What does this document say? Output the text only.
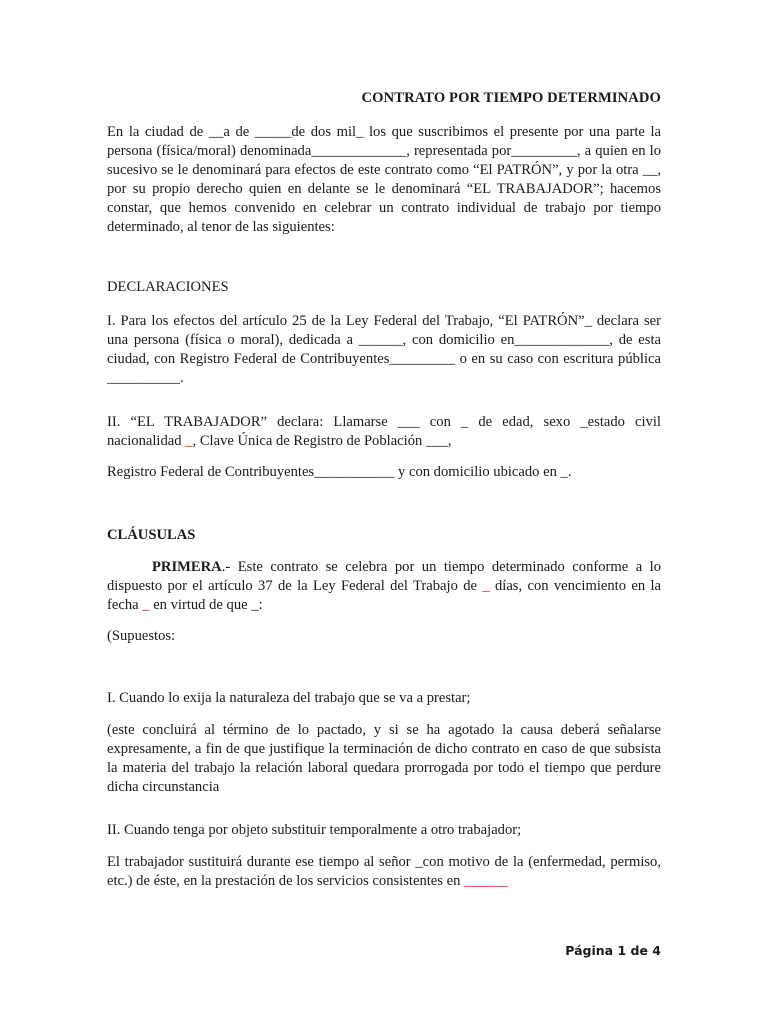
CONTRATO POR TIEMPO DETERMINADO

En la ciudad de __a de _____de dos mil_ los que suscribimos el presente por una parte la persona (física/moral) denominada_____________, representada por_________, a quien en lo sucesivo se le denominará para efectos de este contrato como “El PATRÓN”, y por la otra __, por su propio derecho quien en delante se le denominará “EL TRABAJADOR”; hacemos constar, que hemos convenido en celebrar un contrato individual de trabajo por tiempo determinado, al tenor de las siguientes:

DECLARACIONES

I. Para los efectos del artículo 25 de la Ley Federal del Trabajo, “El PATRÓN”_ declara ser una persona (física o moral), dedicada a ______, con domicilio en_____________, de esta ciudad, con Registro Federal de Contribuyentes_________ o en su caso con escritura pública __________.

II. “EL TRABAJADOR” declara: Llamarse ___ con _ de edad, sexo _estado civil nacionalidad _, Clave Única de Registro de Población ___,

Registro Federal de Contribuyentes___________ y con domicilio ubicado en _.

CLÁUSULAS

PRIMERA.- Este contrato se celebra por un tiempo determinado conforme a lo dispuesto por el artículo 37 de la Ley Federal del Trabajo de _ días, con vencimiento en la fecha _ en virtud de que _:

(Supuestos:

I. Cuando lo exija la naturaleza del trabajo que se va a prestar;

(este concluirá al término de lo pactado, y si se ha agotado la causa deberá señalarse expresamente, a fin de que justifique la terminación de dicho contrato en caso de que subsista la materia del trabajo la relación laboral quedara prorrogada por todo el tiempo que perdure dicha circunstancia

II. Cuando tenga por objeto substituir temporalmente a otro trabajador;

El trabajador sustituirá durante ese tiempo al señor _con motivo de la (enfermedad, permiso, etc.) de éste, en la prestación de los servicios consistentes en ______

Página 1 de 4
